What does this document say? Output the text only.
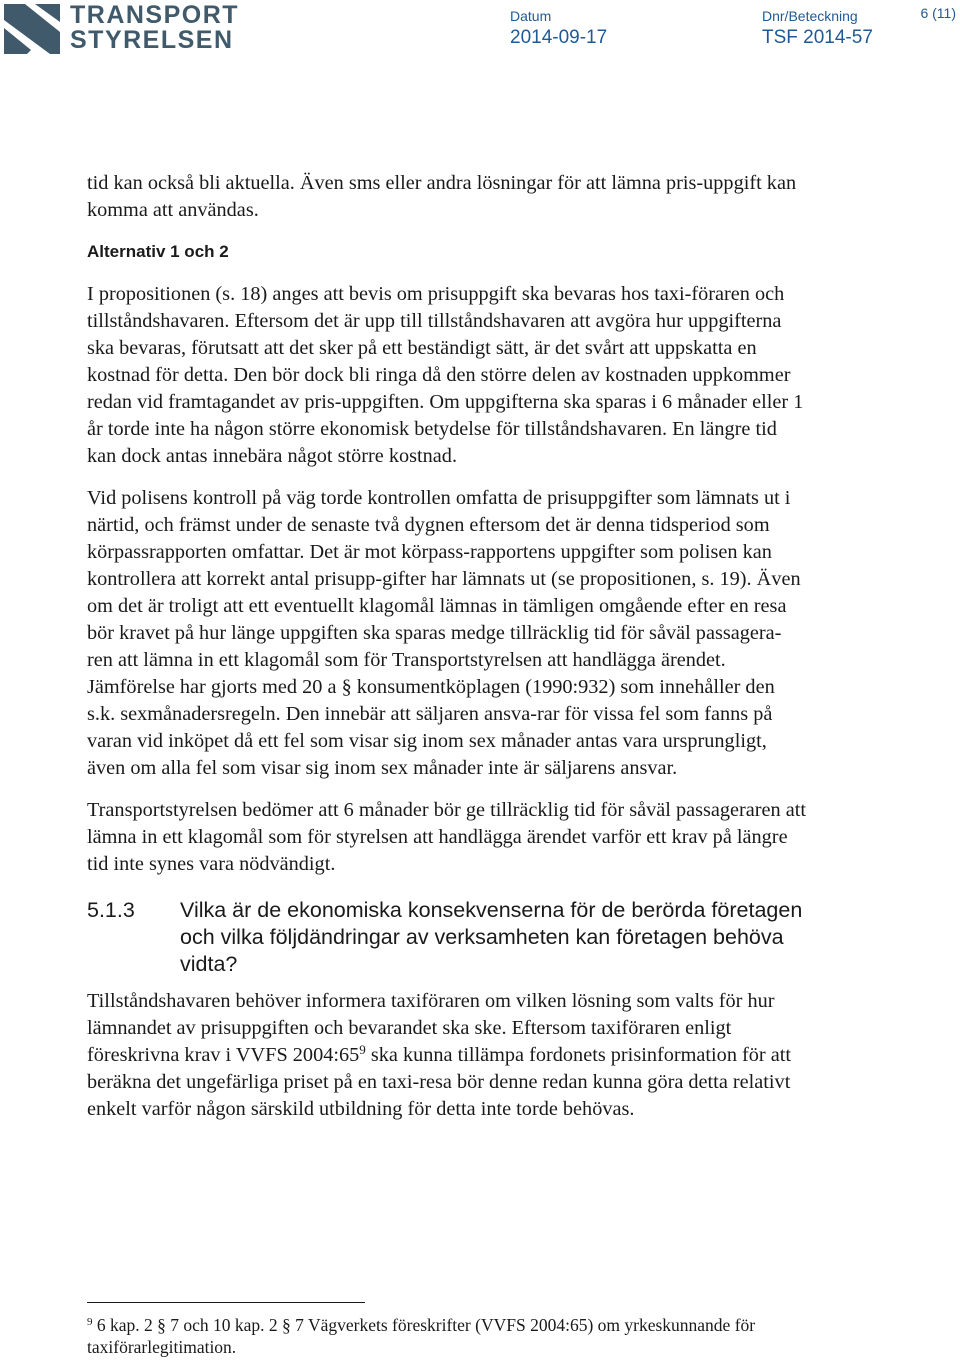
TRANSPORT
STYRELSEN
Datum
2014-09-17
Dnr/Beteckning
TSF 2014-57
6 (11)

tid kan också bli aktuella. Även sms eller andra lösningar för att lämna pris-uppgift kan komma att användas.

Alternativ 1 och 2

I propositionen (s. 18) anges att bevis om prisuppgift ska bevaras hos taxi-föraren och tillståndshavaren. Eftersom det är upp till tillståndshavaren att avgöra hur uppgifterna ska bevaras, förutsatt att det sker på ett beständigt sätt, är det svårt att uppskatta en kostnad för detta. Den bör dock bli ringa då den större delen av kostnaden uppkommer redan vid framtagandet av pris-uppgiften. Om uppgifterna ska sparas i 6 månader eller 1 år torde inte ha någon större ekonomisk betydelse för tillståndshavaren. En längre tid kan dock antas innebära något större kostnad.

Vid polisens kontroll på väg torde kontrollen omfatta de prisuppgifter som lämnats ut i närtid, och främst under de senaste två dygnen eftersom det är denna tidsperiod som körpassrapporten omfattar. Det är mot körpass-rapportens uppgifter som polisen kan kontrollera att korrekt antal prisupp-gifter har lämnats ut (se propositionen, s. 19). Även om det är troligt att ett eventuellt klagomål lämnas in tämligen omgående efter en resa bör kravet på hur länge uppgiften ska sparas medge tillräcklig tid för såväl passagera-ren att lämna in ett klagomål som för Transportstyrelsen att handlägga ärendet. Jämförelse har gjorts med 20 a § konsumentköplagen (1990:932) som innehåller den s.k. sexmånadersregeln. Den innebär att säljaren ansva-rar för vissa fel som fanns på varan vid inköpet då ett fel som visar sig inom sex månader antas vara ursprungligt, även om alla fel som visar sig inom sex månader inte är säljarens ansvar.

Transportstyrelsen bedömer att 6 månader bör ge tillräcklig tid för såväl passageraren att lämna in ett klagomål som för styrelsen att handlägga ärendet varför ett krav på längre tid inte synes vara nödvändigt.

5.1.3	Vilka är de ekonomiska konsekvenserna för de berörda företagen och vilka följdändringar av verksamheten kan företagen behöva vidta?

Tillståndshavaren behöver informera taxiföraren om vilken lösning som valts för hur lämnandet av prisuppgiften och bevarandet ska ske. Eftersom taxiföraren enligt föreskrivna krav i VVFS $2004:65^9$ ska kunna tillämpa fordonets prisinformation för att beräkna det ungefärliga priset på en taxi-resa bör denne redan kunna göra detta relativt enkelt varför någon särskild utbildning för detta inte torde behövas.

$^9$ 6 kap. 2 § 7 och 10 kap. 2 § 7 Vägverkets föreskrifter (VVFS 2004:65) om yrkeskunnande för taxiförarlegitimation.
